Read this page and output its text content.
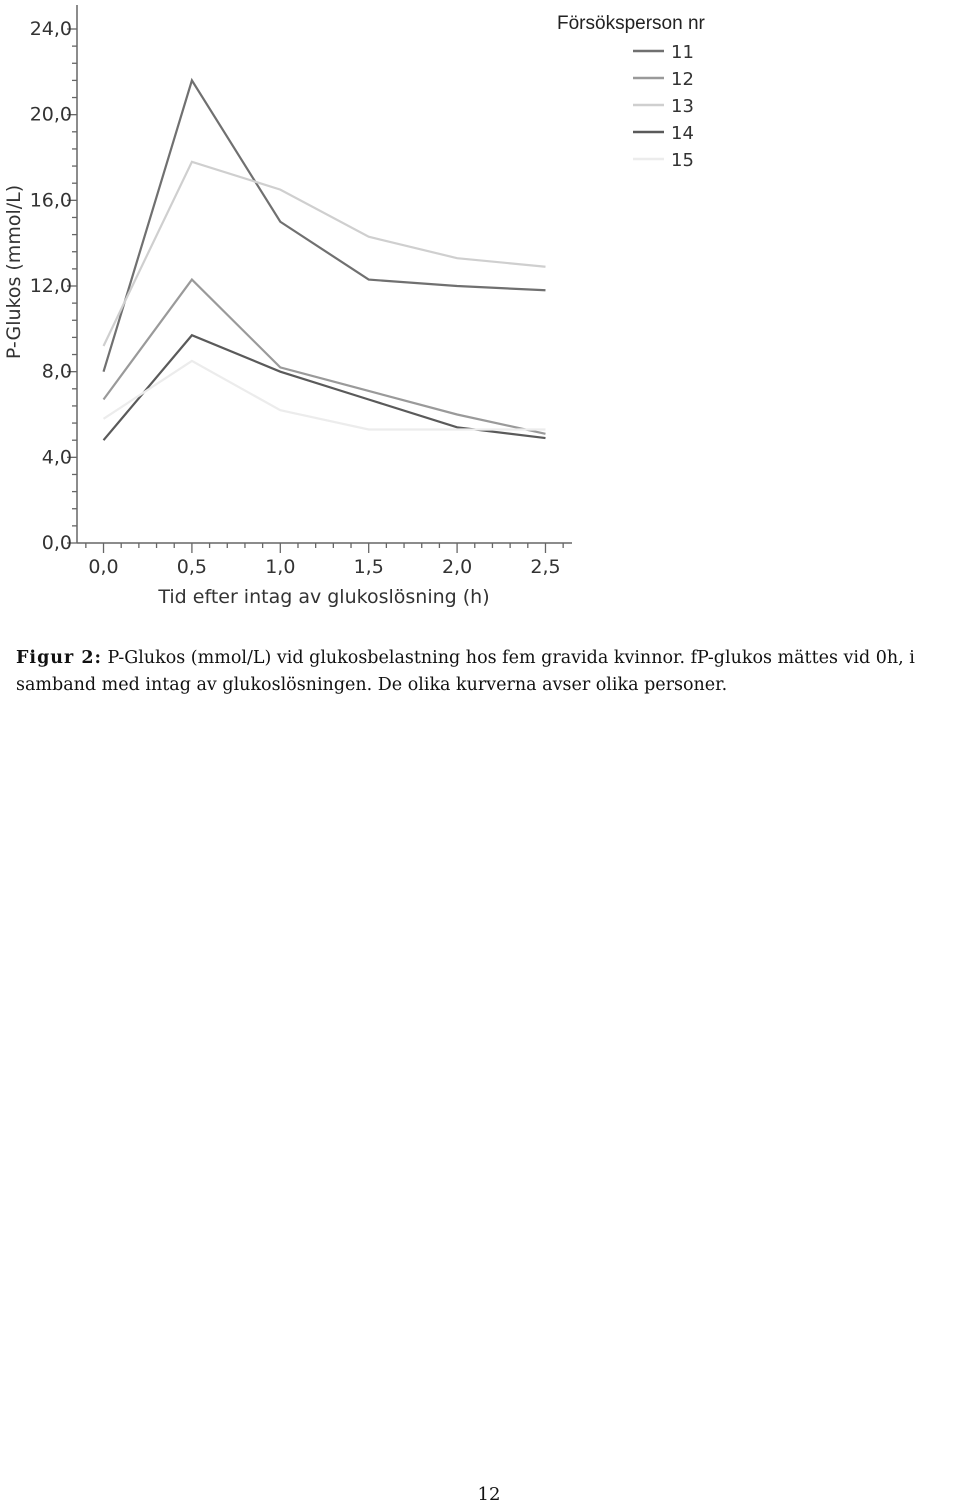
0,0
4,0
8,0
12,0
16,0
20,0
24,0
0,0	0,5	1,0	1,5	2,0	2,5
P-Glukos (mmol/L)
Tid efter intag av glukoslösning (h)
Försöksperson nr
11
12
13
14
15
Figur 2: P-Glukos (mmol/L) vid glukosbelastning hos fem gravida kvinnor. fP-glukos mättes vid 0h, i samband med intag av glukoslösningen. De olika kurverna avser olika personer.
12
